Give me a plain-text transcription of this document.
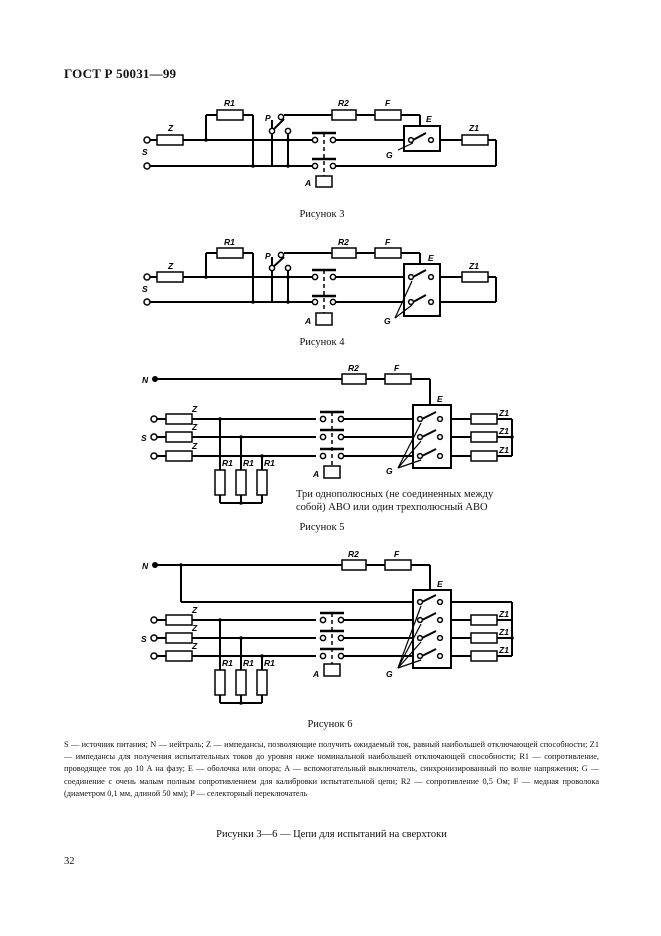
ГОСТ Р 50031—99
Z
R1	R2	F
E
Z1
P
S
A
G
Рисунок 3
Z
R1	R2	F
E
Z1
P
S
A	G
Рисунок 4
N
R2	F
E
Z
Z
Z
S
R1 R1 R1
A	G
Z1
Z1
Z1
Три однополюсных (не соединенных между
собой) АВО или один трехполюсный АВО
Рисунок 5
N
R2	F
E
Z
Z
Z
S
R1 R1 R1
A	G
Z1
Z1
Z1
Рисунок 6
S — источник питания; N — нейтраль; Z — импедансы, позволяющие получить ожидаемый ток, равный наибольшей отключающей способности; Z1 — импедансы для получения испытательных токов до уровня ниже номинальной наибольшей отключающей способности; R1 — сопротивление, проводящее ток до 10 А на фазу; E — оболочка или опора; A — вспомогательный выключатель, синхронизированный по волне напряжения; G — соединение с очень малым полным сопротивлением для калибровки испытательной цепи; R2 — сопротивление 0,5 Ом; F — медная проволока (диаметром 0,1 мм, длиной 50 мм); P — селекторный переключатель
Рисунки 3—6 — Цепи для испытаний на сверхтоки
32
